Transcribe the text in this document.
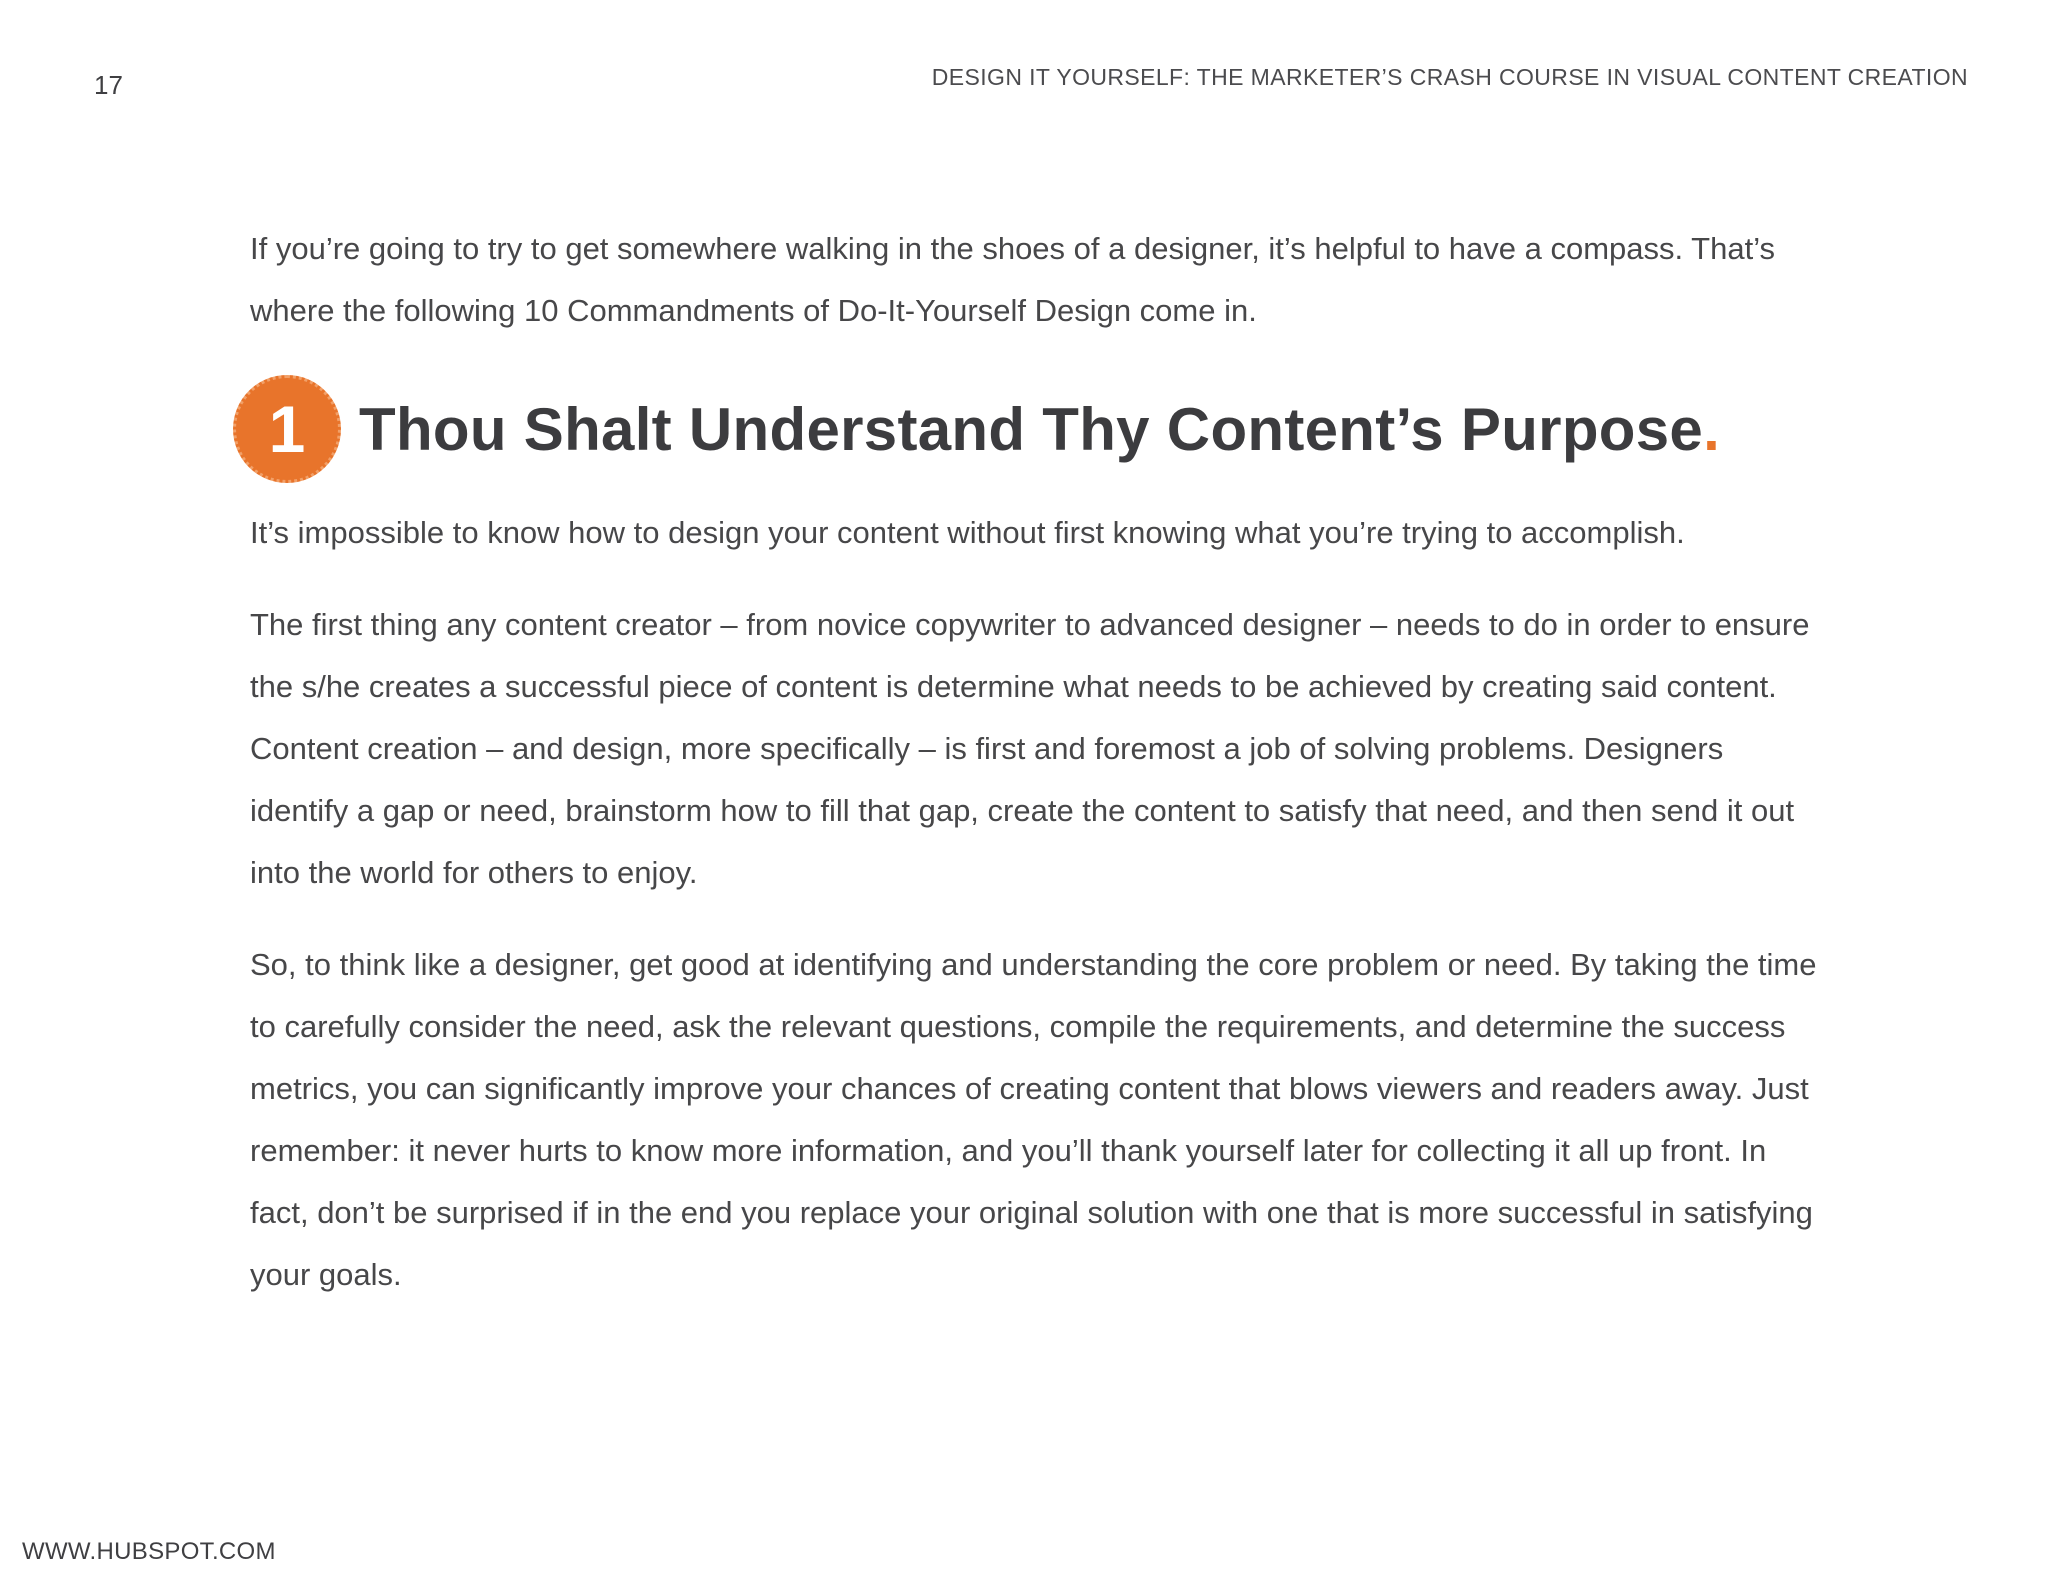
17	DESIGN IT YOURSELF: THE MARKETER’S CRASH COURSE IN VISUAL CONTENT CREATION

If you’re going to try to get somewhere walking in the shoes of a designer, it’s helpful to have a compass. That’s where the following 10 Commandments of Do-It-Yourself Design come in.

1 Thou Shalt Understand Thy Content’s Purpose.

It’s impossible to know how to design your content without first knowing what you’re trying to accomplish.

The first thing any content creator – from novice copywriter to advanced designer – needs to do in order to ensure the s/he creates a successful piece of content is determine what needs to be achieved by creating said content. Content creation – and design, more specifically – is first and foremost a job of solving problems. Designers identify a gap or need, brainstorm how to fill that gap, create the content to satisfy that need, and then send it out into the world for others to enjoy.

So, to think like a designer, get good at identifying and understanding the core problem or need. By taking the time to carefully consider the need, ask the relevant questions, compile the requirements, and determine the success metrics, you can significantly improve your chances of creating content that blows viewers and readers away. Just remember: it never hurts to know more information, and you’ll thank yourself later for collecting it all up front. In fact, don’t be surprised if in the end you replace your original solution with one that is more successful in satisfying your goals.

WWW.HUBSPOT.COM
